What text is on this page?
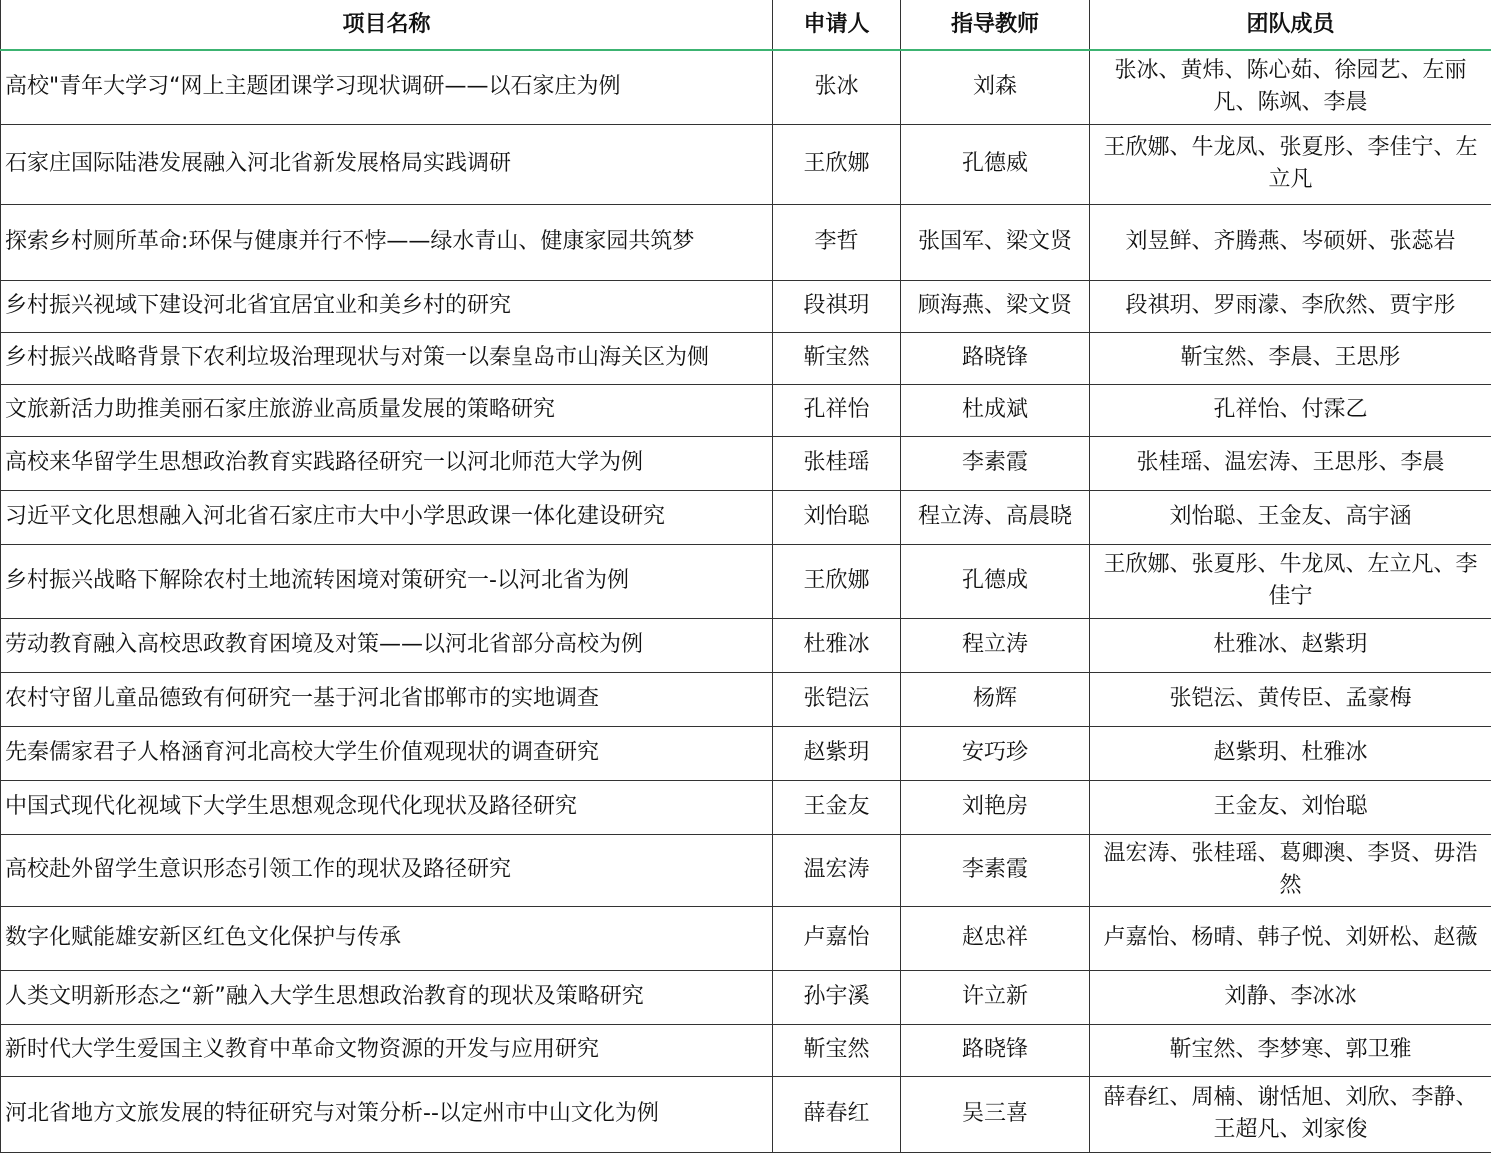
项目名称	申请人	指导教师	团队成员
高校"青年大学习“网上主题团课学习现状调研——以石家庄为例	张冰	刘森	张冰、黄炜、陈心茹、徐园艺、左丽凡、陈飒、李晨
石家庄国际陆港发展融入河北省新发展格局实践调研	王欣娜	孔德威	王欣娜、牛龙凤、张夏彤、李佳宁、左立凡
探索乡村厕所革命:环保与健康并行不悖——绿水青山、健康家园共筑梦	李哲	张国军、梁文贤	刘昱鲜、齐腾燕、岑硕妍、张蕊岩
乡村振兴视域下建设河北省宜居宜业和美乡村的研究	段祺玥	顾海燕、梁文贤	段祺玥、罗雨濛、李欣然、贾宇彤
乡村振兴战略背景下农利垃圾治理现状与对策一以秦皇岛市山海关区为侧	靳宝然	路晓锋	靳宝然、李晨、王思彤
文旅新活力助推美丽石家庄旅游业高质量发展的策略研究	孔祥怡	杜成斌	孔祥怡、付霂乙
高校来华留学生思想政治教育实践路径研究一以河北师范大学为例	张桂瑶	李素霞	张桂瑶、温宏涛、王思彤、李晨
习近平文化思想融入河北省石家庄市大中小学思政课一体化建设研究	刘怡聪	程立涛、高晨晓	刘怡聪、王金友、高宇涵
乡村振兴战略下解除农村土地流转困境对策研究一-以河北省为例	王欣娜	孔德成	王欣娜、张夏彤、牛龙凤、左立凡、李佳宁
劳动教育融入高校思政教育困境及对策——以河北省部分高校为例	杜雅冰	程立涛	杜雅冰、赵紫玥
农村守留儿童品德致有何研究一基于河北省邯郸市的实地调查	张铠沄	杨辉	张铠沄、黄传臣、孟豪梅
先秦儒家君子人格涵育河北高校大学生价值观现状的调查研究	赵紫玥	安巧珍	赵紫玥、杜雅冰
中国式现代化视域下大学生思想观念现代化现状及路径研究	王金友	刘艳房	王金友、刘怡聪
高校赴外留学生意识形态引领工作的现状及路径研究	温宏涛	李素霞	温宏涛、张桂瑶、葛卿澳、李贤、毋浩然
数字化赋能雄安新区红色文化保护与传承	卢嘉怡	赵忠祥	卢嘉怡、杨晴、韩子悦、刘妍松、赵薇
人类文明新形态之“新”融入大学生思想政治教育的现状及策略研究	孙宇溪	许立新	刘静、李冰冰
新时代大学生爱国主义教育中革命文物资源的开发与应用研究	靳宝然	路晓锋	靳宝然、李梦寒、郭卫雅
河北省地方文旅发展的特征研究与对策分析--以定州市中山文化为例	薛春红	吴三喜	薛春红、周楠、谢恬旭、刘欣、李静、王超凡、刘家俊
